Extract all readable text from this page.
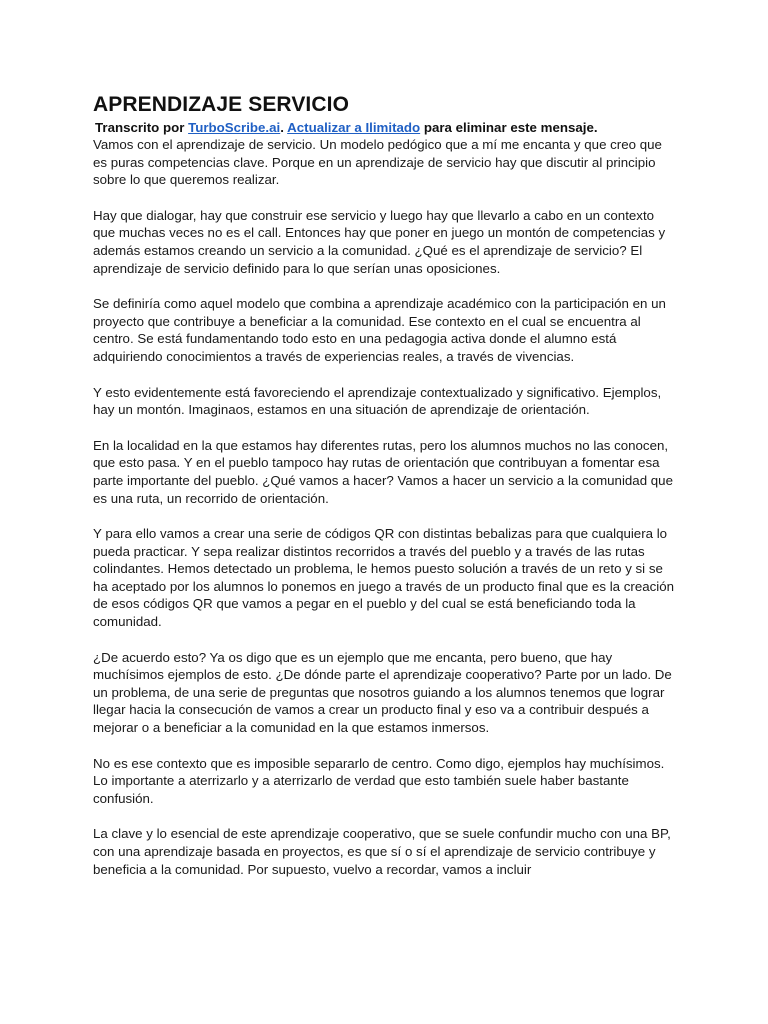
APRENDIZAJE SERVICIO
Transcrito por TurboScribe.ai. Actualizar a Ilimitado para eliminar este mensaje.

Vamos con el aprendizaje de servicio. Un modelo pedógico que a mí me encanta y que creo que es puras competencias clave. Porque en un aprendizaje de servicio hay que discutir al principio sobre lo que queremos realizar.

Hay que dialogar, hay que construir ese servicio y luego hay que llevarlo a cabo en un contexto que muchas veces no es el call. Entonces hay que poner en juego un montón de competencias y además estamos creando un servicio a la comunidad. ¿Qué es el aprendizaje de servicio? El aprendizaje de servicio definido para lo que serían unas oposiciones.

Se definiría como aquel modelo que combina a aprendizaje académico con la participación en un proyecto que contribuye a beneficiar a la comunidad. Ese contexto en el cual se encuentra al centro. Se está fundamentando todo esto en una pedagogia activa donde el alumno está adquiriendo conocimientos a través de experiencias reales, a través de vivencias.

Y esto evidentemente está favoreciendo el aprendizaje contextualizado y significativo. Ejemplos, hay un montón. Imaginaos, estamos en una situación de aprendizaje de orientación.

En la localidad en la que estamos hay diferentes rutas, pero los alumnos muchos no las conocen, que esto pasa. Y en el pueblo tampoco hay rutas de orientación que contribuyan a fomentar esa parte importante del pueblo. ¿Qué vamos a hacer? Vamos a hacer un servicio a la comunidad que es una ruta, un recorrido de orientación.

Y para ello vamos a crear una serie de códigos QR con distintas bebalizas para que cualquiera lo pueda practicar. Y sepa realizar distintos recorridos a través del pueblo y a través de las rutas colindantes. Hemos detectado un problema, le hemos puesto solución a través de un reto y si se ha aceptado por los alumnos lo ponemos en juego a través de un producto final que es la creación de esos códigos QR que vamos a pegar en el pueblo y del cual se está beneficiando toda la comunidad.

¿De acuerdo esto? Ya os digo que es un ejemplo que me encanta, pero bueno, que hay muchísimos ejemplos de esto. ¿De dónde parte el aprendizaje cooperativo? Parte por un lado. De un problema, de una serie de preguntas que nosotros guiando a los alumnos tenemos que lograr llegar hacia la consecución de vamos a crear un producto final y eso va a contribuir después a mejorar o a beneficiar a la comunidad en la que estamos inmersos.

No es ese contexto que es imposible separarlo de centro. Como digo, ejemplos hay muchísimos. Lo importante a aterrizarlo y a aterrizarlo de verdad que esto también suele haber bastante confusión.

La clave y lo esencial de este aprendizaje cooperativo, que se suele confundir mucho con una BP, con una aprendizaje basada en proyectos, es que sí o sí el aprendizaje de servicio contribuye y beneficia a la comunidad. Por supuesto, vuelvo a recordar, vamos a incluir
